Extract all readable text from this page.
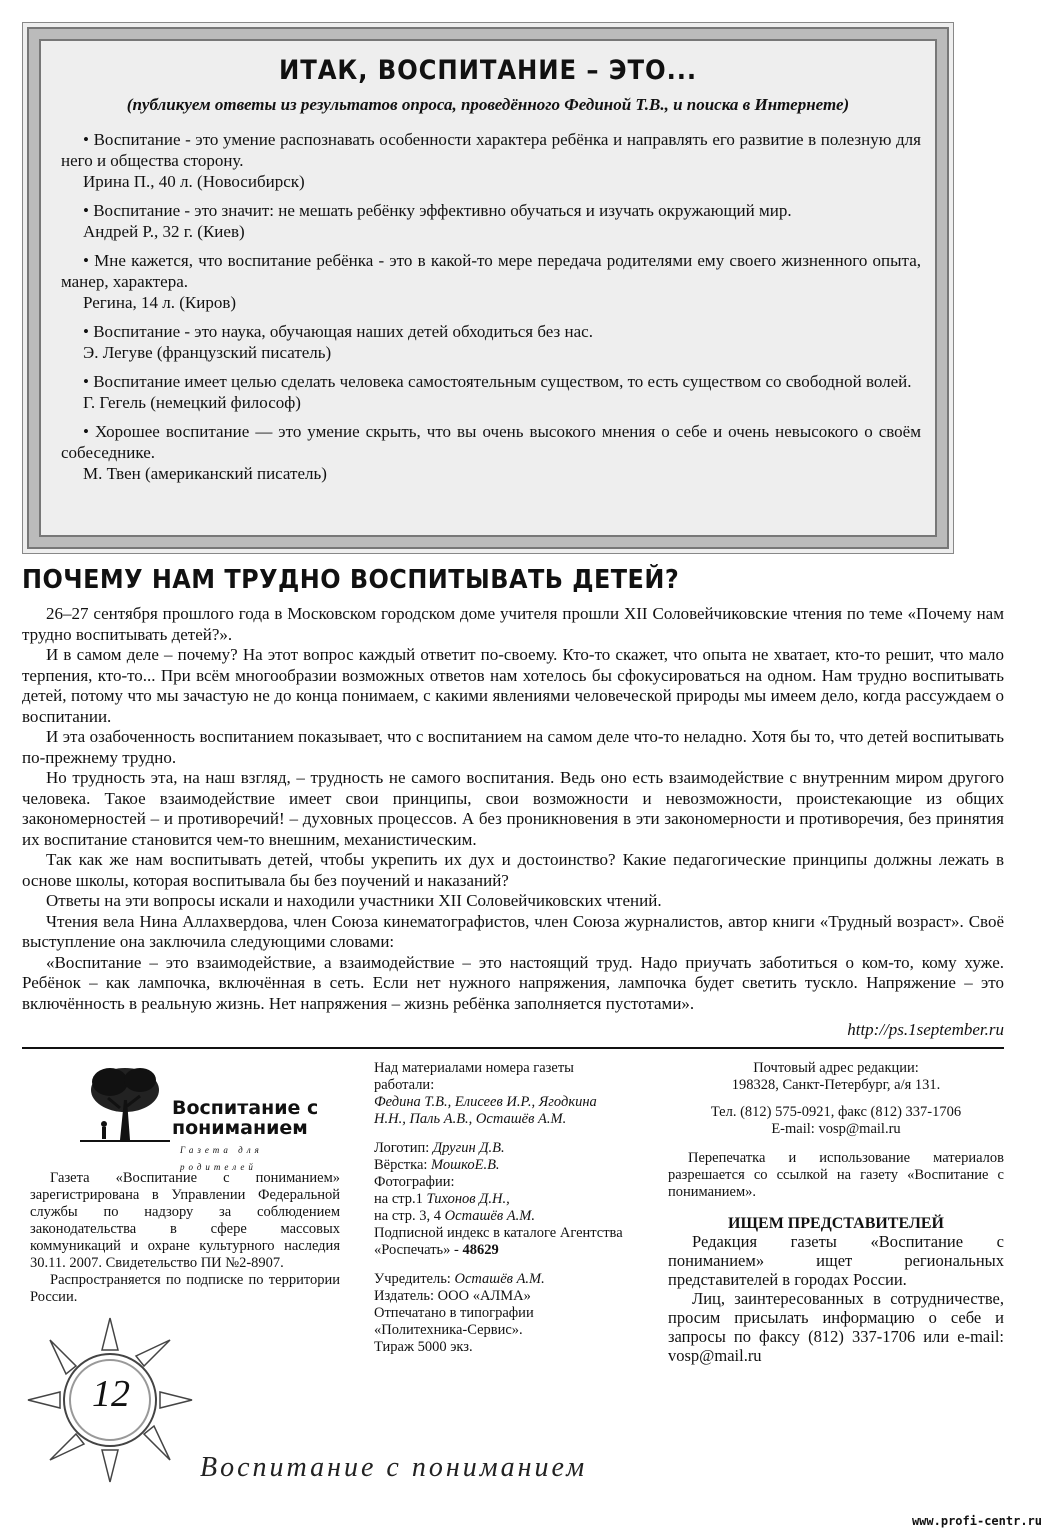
ИТАК, ВОСПИТАНИЕ – ЭТО...
(публикуем ответы из результатов опроса, проведённого Фединой Т.В., и поиска в Интернете)
• Воспитание - это умение распознавать особенности характера ребёнка и направлять его развитие в полезную для него и общества сторону.
Ирина П., 40 л. (Новосибирск)
• Воспитание - это значит: не мешать ребёнку эффективно обучаться и изучать окружающий мир.
Андрей Р., 32 г. (Киев)
• Мне кажется, что воспитание ребёнка - это в какой-то мере передача родителями ему своего жизненного опыта, манер, характера.
Регина, 14 л. (Киров)
• Воспитание - это наука, обучающая наших детей обходиться без нас.
Э. Легуве (французский писатель)
• Воспитание имеет целью сделать человека самостоятельным существом, то есть существом со свободной волей.
Г. Гегель (немецкий философ)
• Хорошее воспитание — это умение скрыть, что вы очень высокого мнения о себе и очень невысокого о своём собеседнике.
М. Твен (американский писатель)
ПОЧЕМУ НАМ ТРУДНО ВОСПИТЫВАТЬ ДЕТЕЙ?

26–27 сентября прошлого года в Московском городском доме учителя прошли XII Соловейчиковские чтения по теме «Почему нам трудно воспитывать детей?».

И в самом деле – почему? На этот вопрос каждый ответит по-своему. Кто-то скажет, что опыта не хватает, кто-то решит, что мало терпения, кто-то... При всём многообразии возможных ответов нам хотелось бы сфокусироваться на одном. Нам трудно воспитывать детей, потому что мы зачастую не до конца понимаем, с какими явлениями человеческой природы мы имеем дело, когда рассуждаем о воспитании.

И эта озабоченность воспитанием показывает, что с воспитанием на самом деле что-то неладно. Хотя бы то, что детей воспитывать по-прежнему трудно.

Но трудность эта, на наш взгляд, – трудность не самого воспитания. Ведь оно есть взаимодействие с внутренним миром другого человека. Такое взаимодействие имеет свои принципы, свои возможности и невозможности, проистекающие из общих закономерностей – и противоречий! – духовных процессов. А без проникновения в эти закономерности и противоречия, без принятия их воспитание становится чем-то внешним, механистическим.

Так как же нам воспитывать детей, чтобы укрепить их дух и достоинство? Какие педагогические принципы должны лежать в основе школы, которая воспитывала бы без поучений и наказаний?

Ответы на эти вопросы искали и находили участники XII Соловейчиковских чтений.

Чтения вела Нина Аллахвердова, член Союза кинематографистов, член Союза журналистов, автор книги «Трудный возраст». Своё выступление она заключила следующими словами:

«Воспитание – это взаимодействие, а взаимодействие – это настоящий труд. Надо приучать заботиться о ком-то, кому хуже. Ребёнок – как лампочка, включённая в сеть. Если нет нужного напряжения, лампочка будет светить тускло. Напряжение – это включённость в реальную жизнь. Нет напряжения – жизнь ребёнка заполняется пустотами».

http://ps.1september.ru
Воспитание с
пониманием
Газета для родителей

Газета «Воспитание с пониманием» зарегистрирована в Управлении Федеральной службы по надзору за соблюдением законодательства в сфере массовых коммуникаций и охране культурного наследия 30.11. 2007. Свидетельство ПИ №2-8907.

Распространяется по подписке по территории России.

Над материалами номера газеты работали:
Федина Т.В., Елисеев И.Р., Ягодкина Н.Н., Паль А.В., Осташёв А.М.

Логотип: Другин Д.В.
Вёрстка: МошкоЕ.В.
Фотографии:
на стр.1 Тихонов Д.Н.,
на стр. 3, 4 Осташёв А.М.
Подписной индекс в каталоге Агентства «Роспечать» - 48629

Учредитель: Осташёв А.М.
Издатель: ООО «АЛМА»
Отпечатано в типографии «Политехника-Сервис».
Тираж 5000 экз.

Почтовый адрес редакции:
198328, Санкт-Петербург, а/я 131.
Тел. (812) 575-0921, факс (812) 337-1706
E-mail: vosp@mail.ru
Перепечатка и использование материалов разрешается со ссылкой на газету «Воспитание с пониманием».
ИЩЕМ ПРЕДСТАВИТЕЛЕЙ

Редакция газеты «Воспитание с пониманием» ищет региональных представителей в городах России.

Лиц, заинтересованных в сотрудничестве, просим присылать информацию о себе и запросы по факсу (812) 337-1706 или e-mail: vosp@mail.ru

12
Воспитание с пониманием
www.profi-centr.ru
